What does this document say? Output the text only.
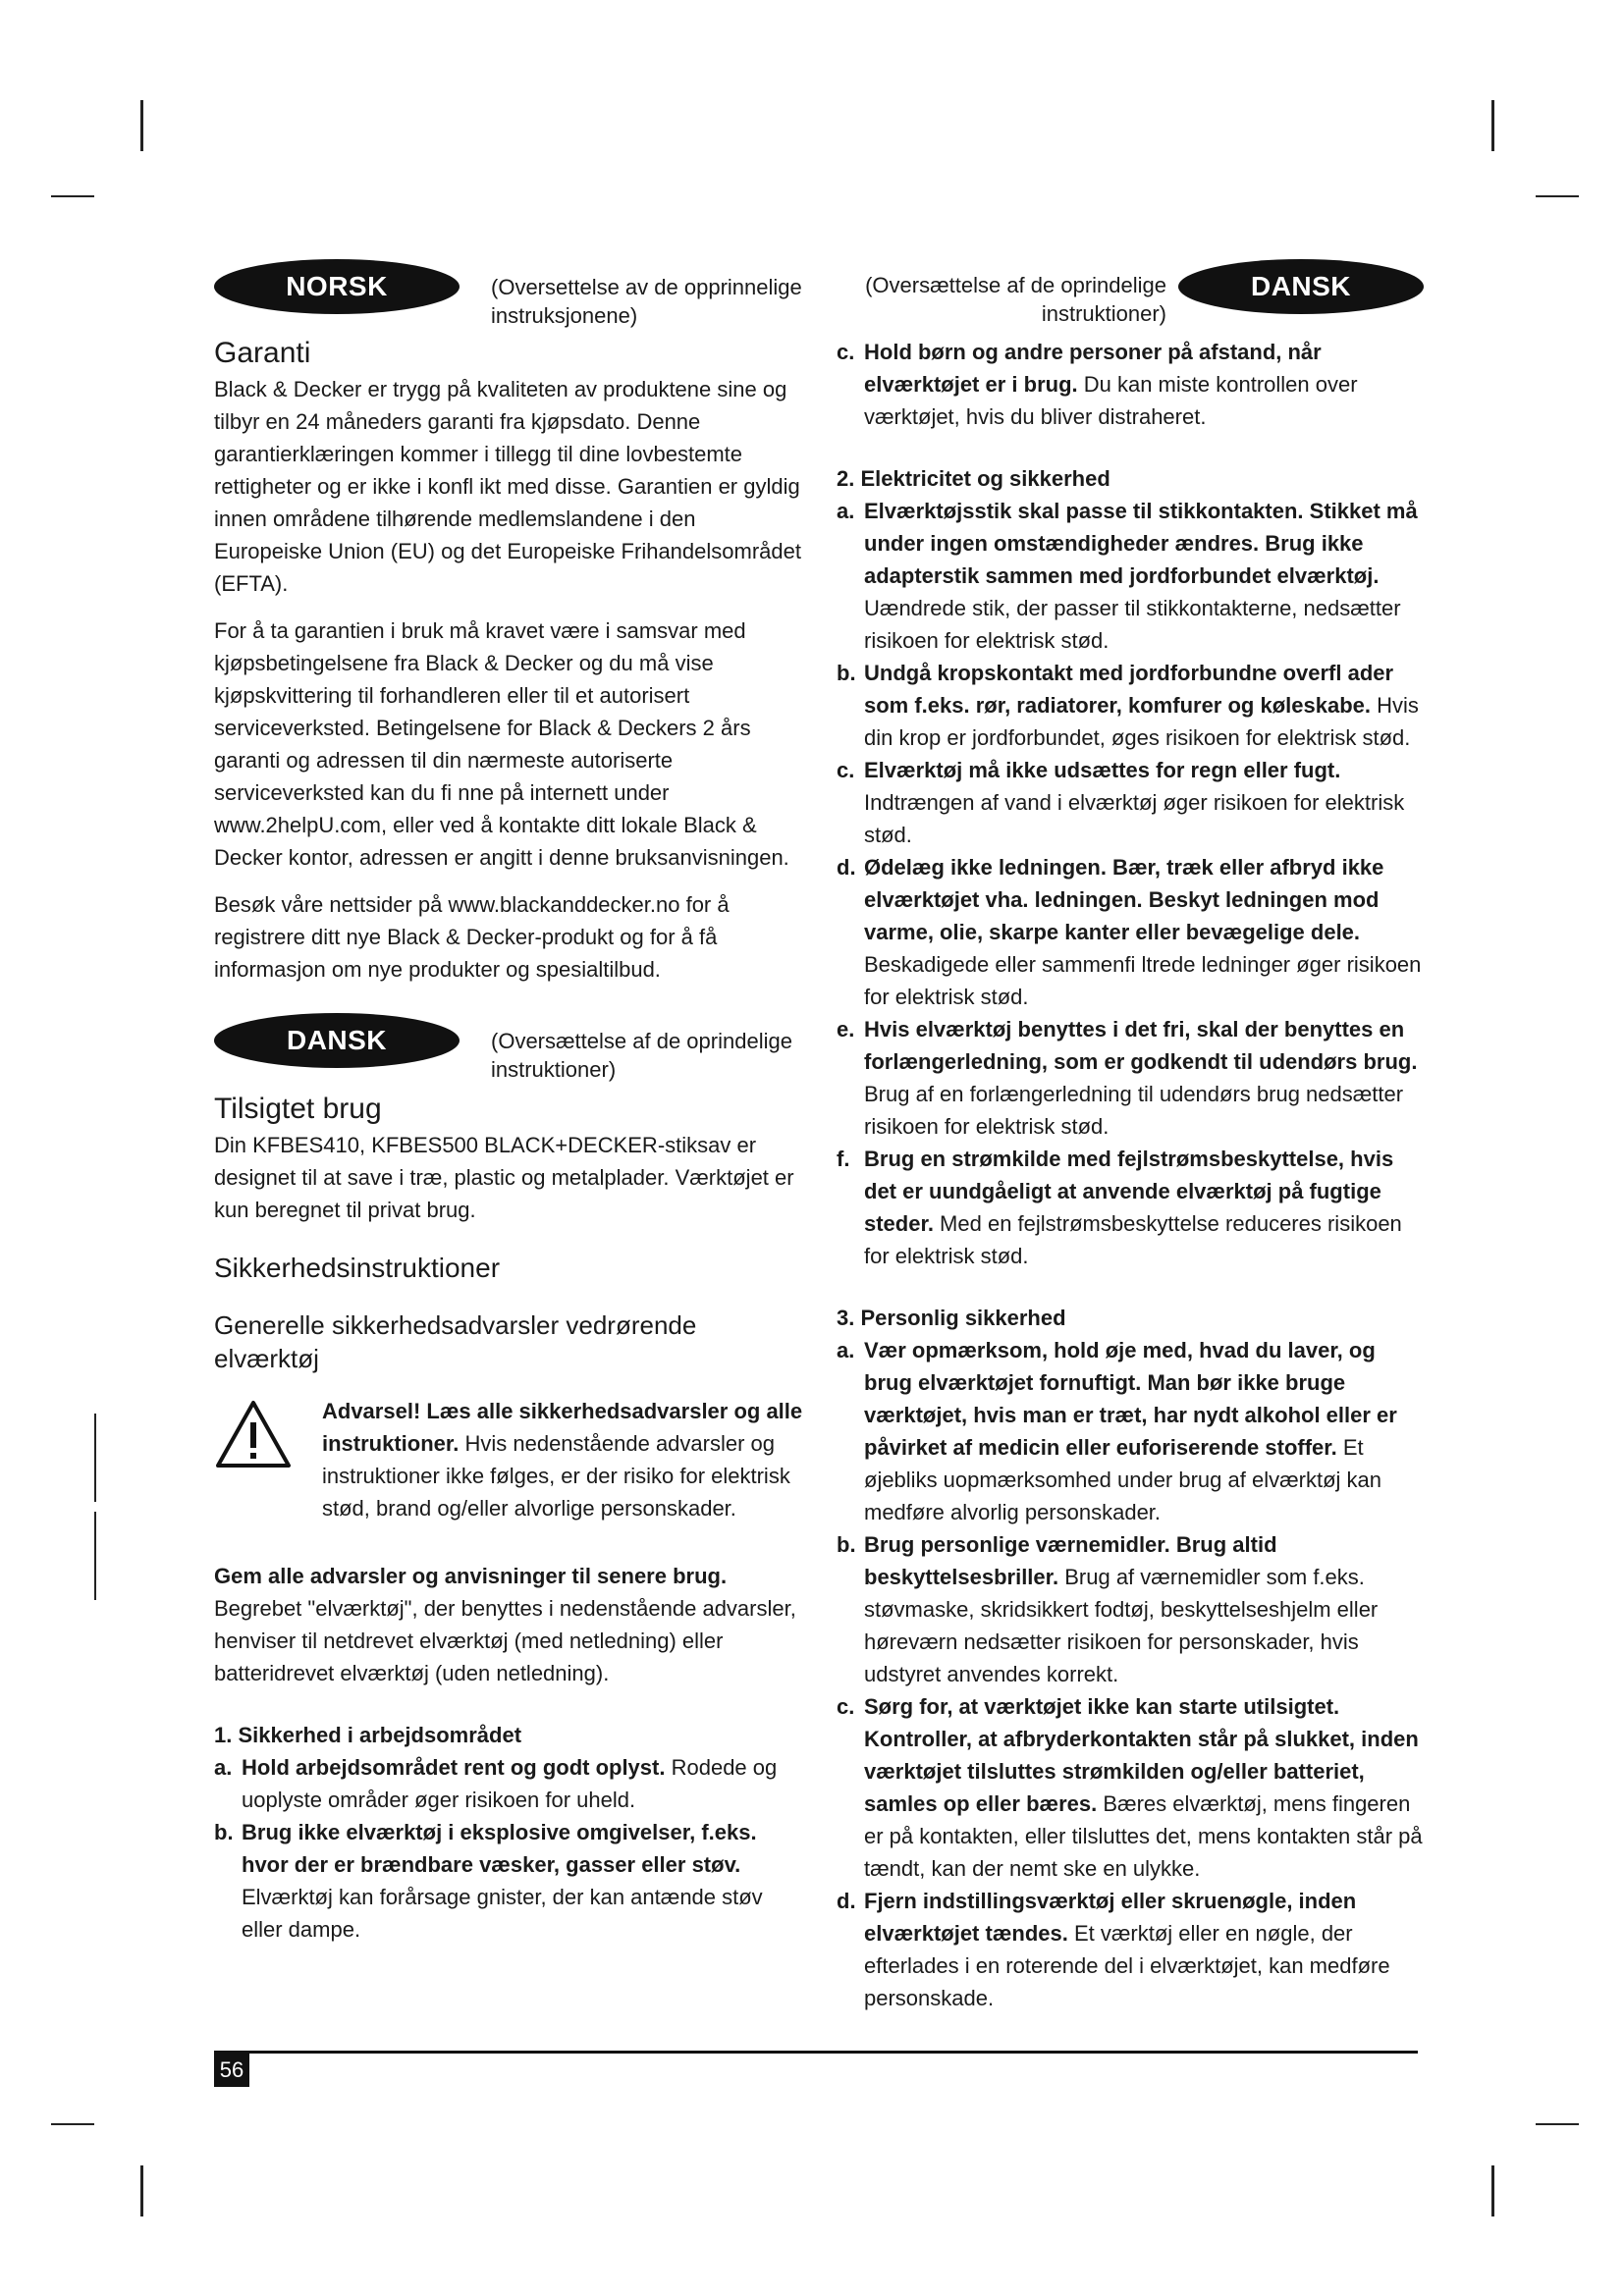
NORSK	(Oversettelse av de opprinnelige
instruksjonene)
DANSK	(Oversættelse af de oprindelige
instruktioner)
Garanti

Black & Decker er trygg på kvaliteten av produktene sine og tilbyr en 24 måneders garanti fra kjøpsdato. Denne garantierklæringen kommer i tillegg til dine lovbestemte rettigheter og er ikke i konfl ikt med disse. Garantien er gyldig innen områdene tilhørende medlemslandene i den Europeiske Union (EU) og det Europeiske Frihandelsområdet (EFTA).

For å ta garantien i bruk må kravet være i samsvar med kjøpsbetingelsene fra Black & Decker og du må vise kjøpskvittering til forhandleren eller til et autorisert serviceverksted. Betingelsene for Black & Deckers 2 års garanti og adressen til din nærmeste autoriserte serviceverksted kan du fi nne på internett under www.2helpU.com, eller ved å kontakte ditt lokale Black & Decker kontor, adressen er angitt i denne bruksanvisningen.

Besøk våre nettsider på www.blackanddecker.no for å registrere ditt nye Black & Decker-produkt og for å få informasjon om nye produkter og spesialtilbud.

Tilsigtet brug

Din KFBES410, KFBES500 BLACK+DECKER-stiksav er designet til at save i træ, plastic og metalplader. Værktøjet er kun beregnet til privat brug.

Sikkerhedsinstruktioner
Generelle sikkerhedsadvarsler vedrørende elværktøj

Advarsel! Læs alle sikkerhedsadvarsler og alle instruktioner. Hvis nedenstående advarsler og instruktioner ikke følges, er der risiko for elektrisk stød, brand og/eller alvorlige personskader.

Gem alle advarsler og anvisninger til senere brug.
Begrebet "elværktøj", der benyttes i nedenstående advarsler, henviser til netdrevet elværktøj (med netledning) eller batteridrevet elværktøj (uden netledning).

1. Sikkerhed i arbejdsområdet

a. Hold arbejdsområdet rent og godt oplyst. Rodede og uoplyste områder øger risikoen for uheld.
b. Brug ikke elværktøj i eksplosive omgivelser, f.eks. hvor der er brændbare væsker, gasser eller støv. Elværktøj kan forårsage gnister, der kan antænde støv eller dampe.
(Oversættelse af de oprindelige
instruktioner)
DANSK
c. Hold børn og andre personer på afstand, når elværktøjet er i brug. Du kan miste kontrollen over værktøjet, hvis du bliver distraheret.

2. Elektricitet og sikkerhed

a. Elværktøjsstik skal passe til stikkontakten. Stikket må under ingen omstændigheder ændres. Brug ikke adapterstik sammen med jordforbundet elværktøj. Uændrede stik, der passer til stikkontakterne, nedsætter risikoen for elektrisk stød.
b. Undgå kropskontakt med jordforbundne overfl ader som f.eks. rør, radiatorer, komfurer og køleskabe. Hvis din krop er jordforbundet, øges risikoen for elektrisk stød.
c. Elværktøj må ikke udsættes for regn eller fugt. Indtrængen af vand i elværktøj øger risikoen for elektrisk stød.
d. Ødelæg ikke ledningen. Bær, træk eller afbryd ikke elværktøjet vha. ledningen. Beskyt ledningen mod varme, olie, skarpe kanter eller bevægelige dele. Beskadigede eller sammenfi ltrede ledninger øger risikoen for elektrisk stød.
e. Hvis elværktøj benyttes i det fri, skal der benyttes en forlængerledning, som er godkendt til udendørs brug. Brug af en forlængerledning til udendørs brug nedsætter risikoen for elektrisk stød.
f. Brug en strømkilde med fejlstrømsbeskyttelse, hvis det er uundgåeligt at anvende elværktøj på fugtige steder. Med en fejlstrømsbeskyttelse reduceres risikoen for elektrisk stød.

3. Personlig sikkerhed

a. Vær opmærksom, hold øje med, hvad du laver, og brug elværktøjet fornuftigt. Man bør ikke bruge værktøjet, hvis man er træt, har nydt alkohol eller er påvirket af medicin eller euforiserende stoffer. Et øjebliks uopmærksomhed under brug af elværktøj kan medføre alvorlig personskader.
b. Brug personlige værnemidler. Brug altid beskyttelsesbriller. Brug af værnemidler som f.eks. støvmaske, skridsikkert fodtøj, beskyttelseshjelm eller høreværn nedsætter risikoen for personskader, hvis udstyret anvendes korrekt.
c. Sørg for, at værktøjet ikke kan starte utilsigtet. Kontroller, at afbryderkontakten står på slukket, inden værktøjet tilsluttes strømkilden og/eller batteriet, samles op eller bæres. Bæres elværktøj, mens fingeren er på kontakten, eller tilsluttes det, mens kontakten står på tændt, kan der nemt ske en ulykke.
d. Fjern indstillingsværktøj eller skruenøgle, inden elværktøjet tændes. Et værktøj eller en nøgle, der efterlades i en roterende del i elværktøjet, kan medføre personskade.
56
